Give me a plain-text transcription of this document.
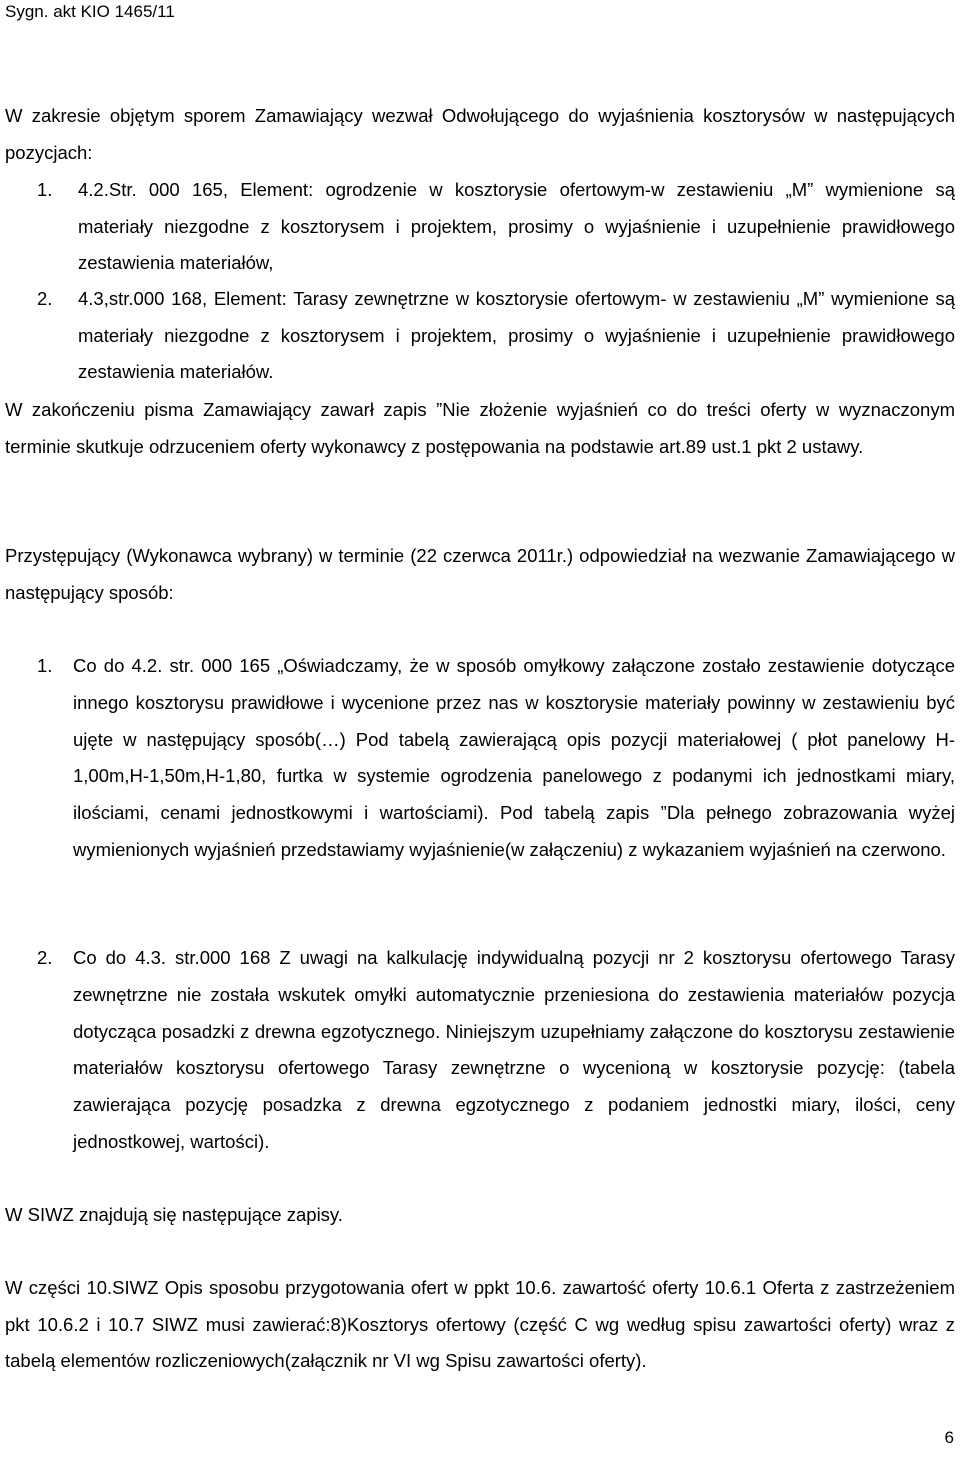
Sygn. akt KIO 1465/11
W zakresie objętym sporem Zamawiający wezwał Odwołującego do wyjaśnienia kosztorysów w następujących pozycjach:
1.	4.2.Str. 000 165, Element: ogrodzenie w kosztorysie ofertowym-w zestawieniu „M” wymienione są materiały niezgodne z kosztorysem i projektem, prosimy o wyjaśnienie i uzupełnienie prawidłowego zestawienia materiałów,
2.	4.3,str.000 168, Element: Tarasy zewnętrzne w kosztorysie ofertowym- w zestawieniu „M” wymienione są materiały niezgodne z kosztorysem i projektem, prosimy o wyjaśnienie i uzupełnienie prawidłowego zestawienia materiałów.
W zakończeniu pisma Zamawiający zawarł zapis ”Nie złożenie wyjaśnień co do treści oferty w wyznaczonym terminie skutkuje odrzuceniem oferty wykonawcy z postępowania na podstawie art.89 ust.1 pkt 2 ustawy.
Przystępujący (Wykonawca wybrany) w terminie (22 czerwca 2011r.) odpowiedział na wezwanie Zamawiającego w następujący sposób:
1.	Co do 4.2. str. 000 165 „Oświadczamy, że w sposób omyłkowy załączone zostało zestawienie dotyczące innego kosztorysu prawidłowe i wycenione przez nas w kosztorysie materiały powinny w zestawieniu być ujęte w następujący sposób(…) Pod tabelą zawierającą opis pozycji materiałowej ( płot panelowy H-1,00m,H-1,50m,H-1,80, furtka w systemie ogrodzenia panelowego z podanymi ich jednostkami miary, ilościami, cenami jednostkowymi i wartościami). Pod tabelą zapis ”Dla pełnego zobrazowania wyżej wymienionych wyjaśnień przedstawiamy wyjaśnienie(w załączeniu) z wykazaniem wyjaśnień na czerwono.
2.	Co do 4.3. str.000 168 Z uwagi na kalkulację indywidualną pozycji nr 2 kosztorysu ofertowego Tarasy zewnętrzne nie została wskutek omyłki automatycznie przeniesiona do zestawienia materiałów pozycja dotycząca posadzki z drewna egzotycznego. Niniejszym uzupełniamy załączone do kosztorysu zestawienie materiałów kosztorysu ofertowego Tarasy zewnętrzne o wycenioną w kosztorysie pozycję: (tabela zawierająca pozycję posadzka z drewna egzotycznego z podaniem jednostki miary, ilości, ceny jednostkowej, wartości).
W SIWZ znajdują się następujące zapisy.
W części 10.SIWZ Opis sposobu przygotowania ofert w ppkt 10.6. zawartość oferty 10.6.1 Oferta z zastrzeżeniem pkt 10.6.2 i 10.7 SIWZ musi zawierać:8)Kosztorys ofertowy (część C wg według spisu zawartości oferty) wraz z tabelą elementów rozliczeniowych(załącznik nr VI wg Spisu zawartości oferty).
6
